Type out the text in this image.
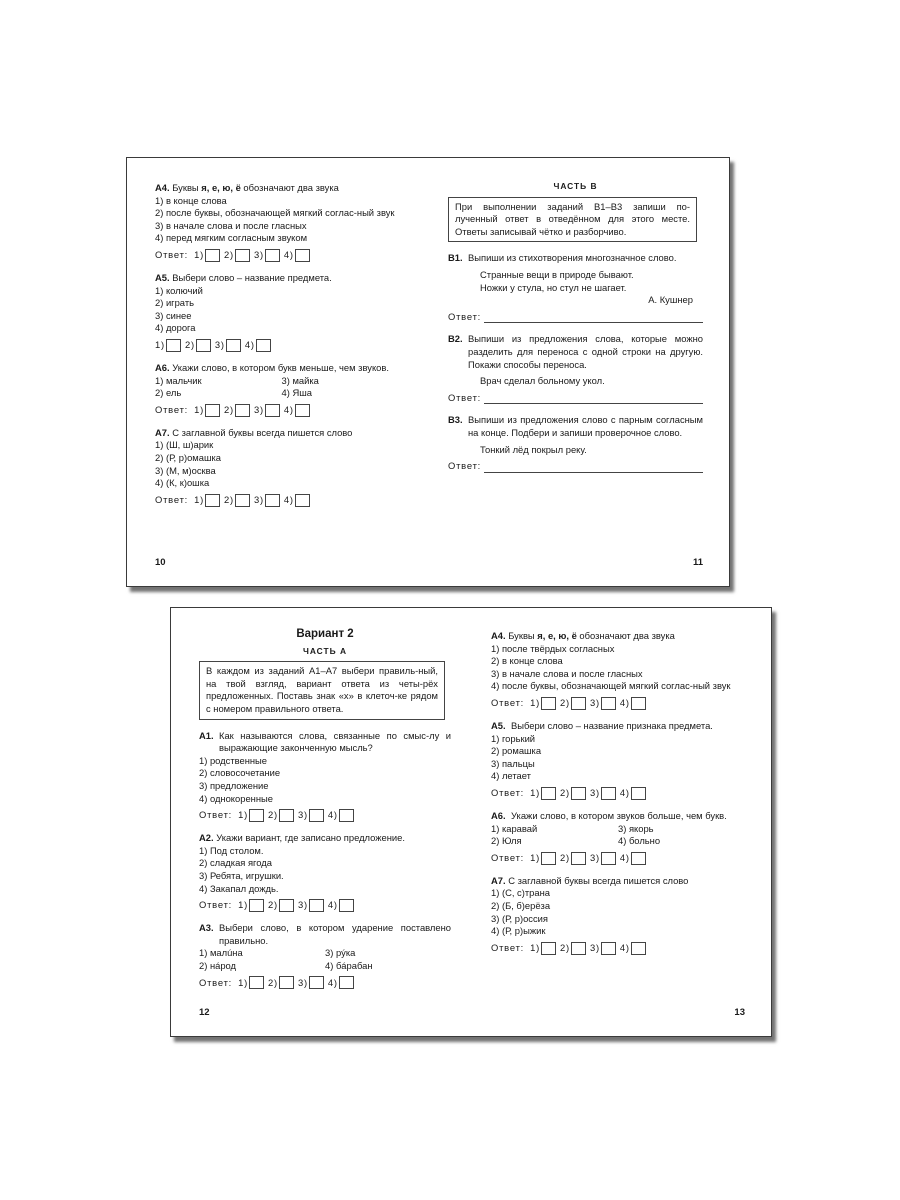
А4. Буквы я, е, ю, ё обозначают два звука
1) в конце слова
2) после буквы, обозначающей мягкий соглас-ный звук
3) в начале слова и после гласных
4) перед мягким согласным звуком
Ответ: 1) 2) 3) 4)
А5. Выбери слово – название предмета.
1) колючий
2) играть
3) синее
4) дорога
1) 2) 3) 4)
А6. Укажи слово, в котором букв меньше, чем звуков.
1) мальчик	3) майка
2) ель	4) Яша
Ответ: 1) 2) 3) 4)
А7. С заглавной буквы всегда пишется слово
1) (Ш, ш)арик
2) (Р, р)омашка
3) (М, м)осква
4) (К, к)ошка
Ответ: 1) 2) 3) 4)
10
ЧАСТЬ В
При выполнении заданий В1–В3 запиши по-лученный ответ в отведённом для этого месте. Ответы записывай чётко и разборчиво.
В1. Выпиши из стихотворения многозначное слово.
Странные вещи в природе бывают.
Ножки у стула, но стул не шагает.
А. Кушнер
Ответ:
В2. Выпиши из предложения слова, которые можно разделить для переноса с одной строки на другую. Покажи способы переноса.
Врач сделал больному укол.
Ответ:
В3. Выпиши из предложения слово с парным согласным на конце. Подбери и запиши проверочное слово.
Тонкий лёд покрыл реку.
Ответ:
11
Вариант 2
ЧАСТЬ А
В каждом из заданий А1–А7 выбери правиль-ный, на твой взгляд, вариант ответа из четы-рёх предложенных. Поставь знак «х» в клеточ-ке рядом с номером правильного ответа.
А1. Как называются слова, связанные по смыс-лу и выражающие законченную мысль?
1) родственные
2) словосочетание
3) предложение
4) однокоренные
Ответ: 1) 2) 3) 4)
А2. Укажи вариант, где записано предложение.
1) Под столом.
2) сладкая ягода
3) Ребята, игрушки.
4) Закапал дождь.
Ответ: 1) 2) 3) 4)
А3. Выбери слово, в котором ударение поставлено правильно.
1) малúна	3) рýка
2) нáрод	4) бáрабан
Ответ: 1) 2) 3) 4)
12
А4. Буквы я, е, ю, ё обозначают два звука
1) после твёрдых согласных
2) в конце слова
3) в начале слова и после гласных
4) после буквы, обозначающей мягкий соглас-ный звук
Ответ: 1) 2) 3) 4)
А5. Выбери слово – название признака предмета.
1) горький
2) ромашка
3) пальцы
4) летает
Ответ: 1) 2) 3) 4)
А6. Укажи слово, в котором звуков больше, чем букв.
1) каравай	3) якорь
2) Юля	4) больно
Ответ: 1) 2) 3) 4)
А7. С заглавной буквы всегда пишется слово
1) (С, с)трана
2) (Б, б)ерёза
3) (Р, р)оссия
4) (Р, р)ыжик
Ответ: 1) 2) 3) 4)
13
